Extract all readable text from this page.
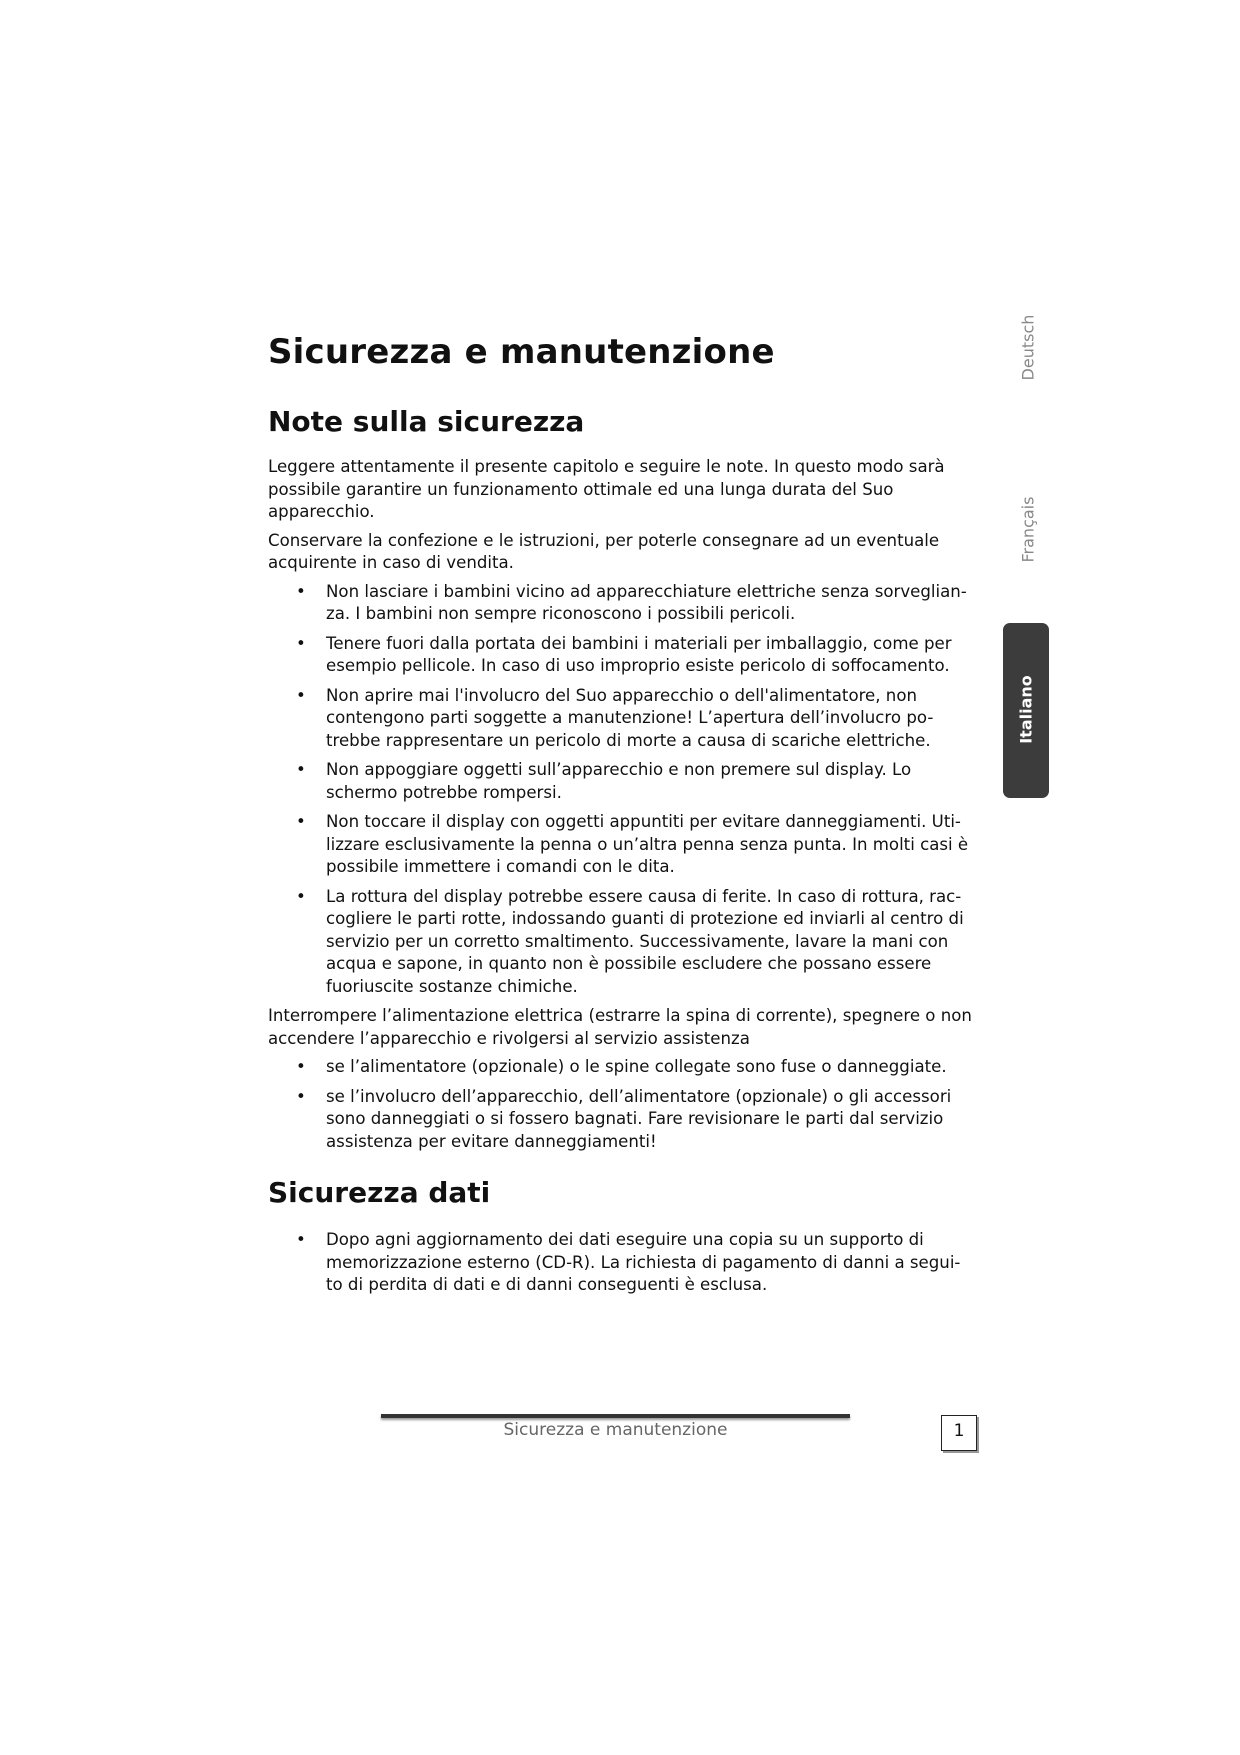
Sicurezza e manutenzione
Note sulla sicurezza

Leggere attentamente il presente capitolo e seguire le note. In questo modo sarà possibile garantire un funzionamento ottimale ed una lunga durata del Suo apparecchio.

Conservare la confezione e le istruzioni, per poterle consegnare ad un eventuale acquirente in caso di vendita.

• Non lasciare i bambini vicino ad apparecchiature elettriche senza sorveglian-za. I bambini non sempre riconoscono i possibili pericoli.
• Tenere fuori dalla portata dei bambini i materiali per imballaggio, come per esempio pellicole. In caso di uso improprio esiste pericolo di soffocamento.
• Non aprire mai l'involucro del Suo apparecchio o dell'alimentatore, non contengono parti soggette a manutenzione! L’apertura dell’involucro po-trebbe rappresentare un pericolo di morte a causa di scariche elettriche.
• Non appoggiare oggetti sull’apparecchio e non premere sul display. Lo schermo potrebbe rompersi.
• Non toccare il display con oggetti appuntiti per evitare danneggiamenti. Uti-lizzare esclusivamente la penna o un’altra penna senza punta. In molti casi è possibile immettere i comandi con le dita.
• La rottura del display potrebbe essere causa di ferite. In caso di rottura, rac-cogliere le parti rotte, indossando guanti di protezione ed inviarli al centro di servizio per un corretto smaltimento. Successivamente, lavare la mani con acqua e sapone, in quanto non è possibile escludere che possano essere fuoriuscite sostanze chimiche.

Interrompere l’alimentazione elettrica (estrarre la spina di corrente), spegnere o non accendere l’apparecchio e rivolgersi al servizio assistenza

• se l’alimentatore (opzionale) o le spine collegate sono fuse o danneggiate.
• se l’involucro dell’apparecchio, dell’alimentatore (opzionale) o gli accessori sono danneggiati o si fossero bagnati. Fare revisionare le parti dal servizio assistenza per evitare danneggiamenti!
Sicurezza dati
• Dopo agni aggiornamento dei dati eseguire una copia su un supporto di memorizzazione esterno (CD-R). La richiesta di pagamento di danni a segui-to di perdita di dati e di danni conseguenti è esclusa.
Deutsch
Français
Italiano
Sicurezza e manutenzione	1
